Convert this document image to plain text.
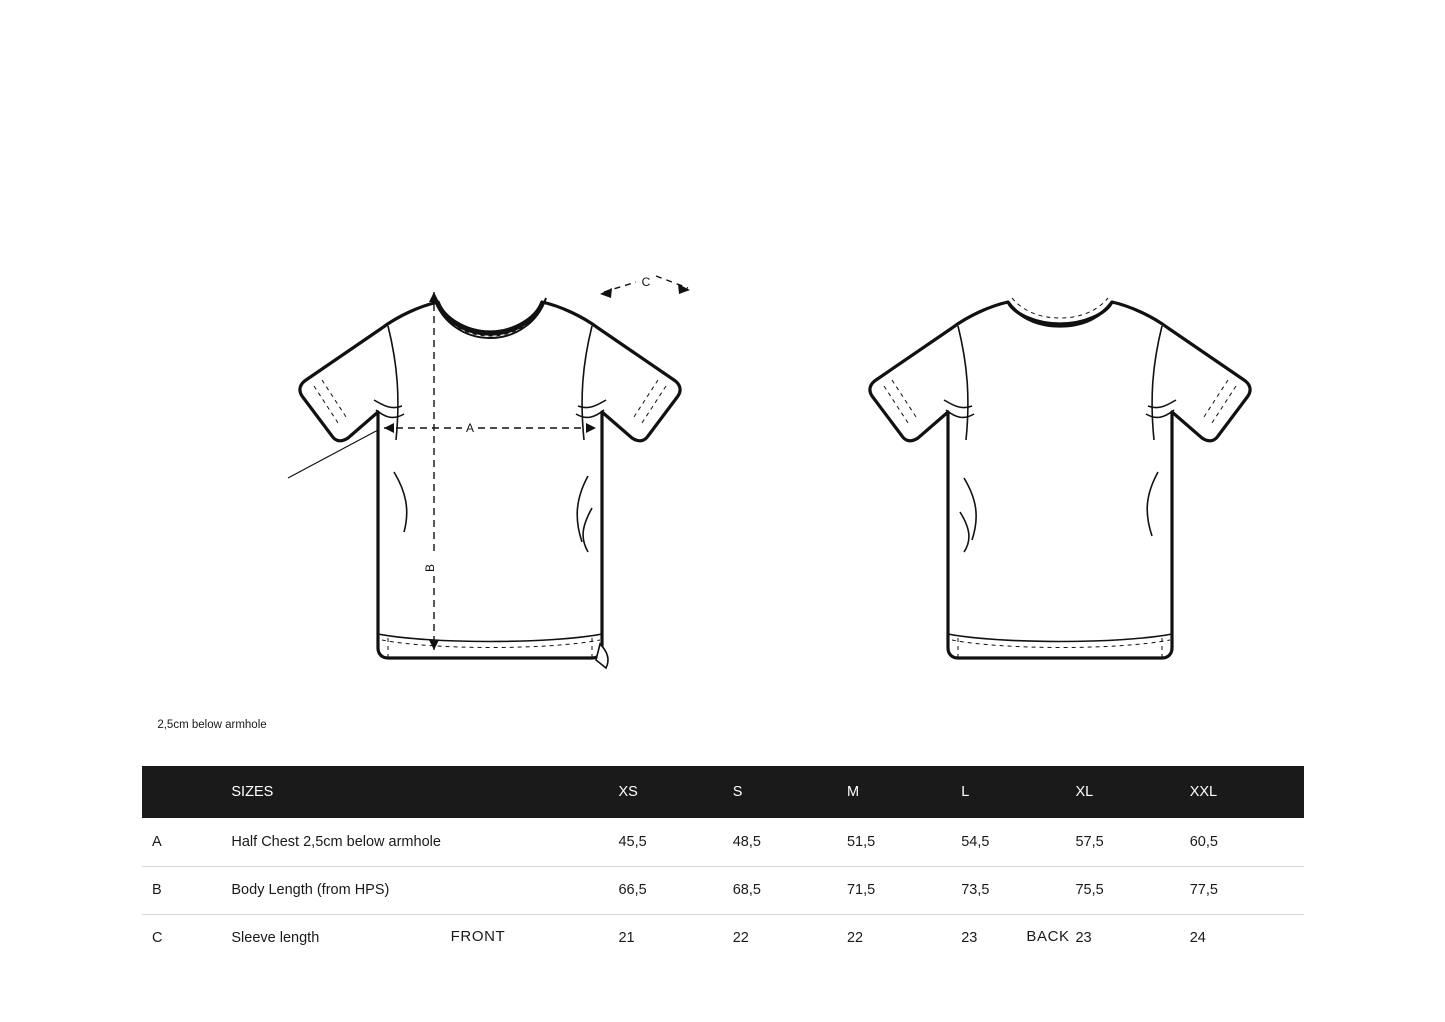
A
B
C
2,5cm below armhole
FRONT	BACK
	SIZES	XS	S	M	L	XL	XXL
A	Half Chest 2,5cm below armhole	45,5	48,5	51,5	54,5	57,5	60,5
B	Body Length (from HPS)	66,5	68,5	71,5	73,5	75,5	77,5
C	Sleeve length	21	22	22	23	23	24
